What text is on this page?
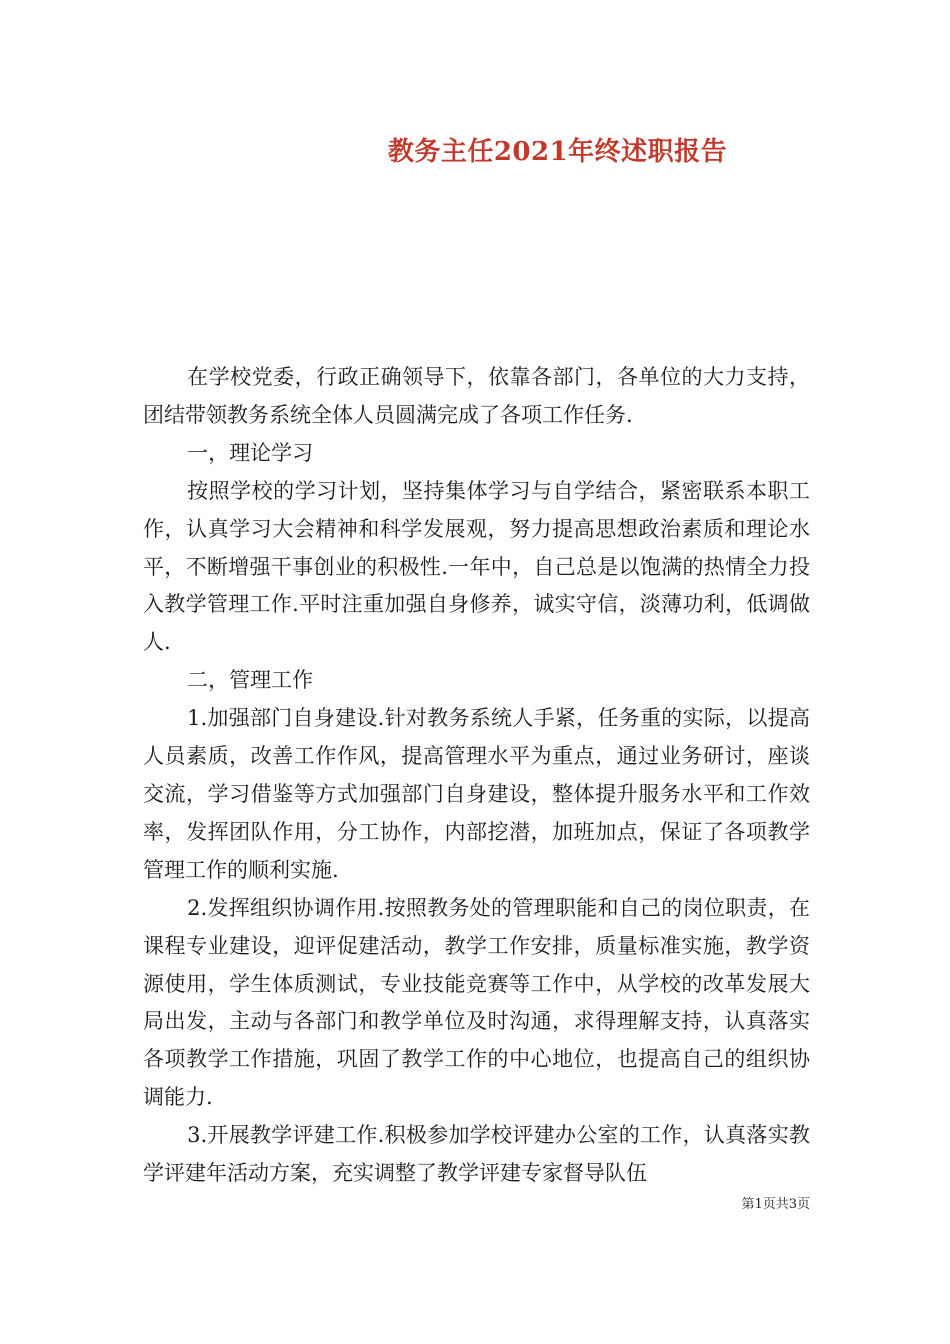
教务主任2021年终述职报告

在学校党委，行政正确领导下，依靠各部门，各单位的大力支持，团结带领教务系统全体人员圆满完成了各项工作任务.

一，理论学习

按照学校的学习计划，坚持集体学习与自学结合，紧密联系本职工作，认真学习大会精神和科学发展观，努力提高思想政治素质和理论水平，不断增强干事创业的积极性.一年中，自己总是以饱满的热情全力投入教学管理工作.平时注重加强自身修养，诚实守信，淡薄功利，低调做人.

二，管理工作

1.加强部门自身建设.针对教务系统人手紧，任务重的实际，以提高人员素质，改善工作作风，提高管理水平为重点，通过业务研讨，座谈交流，学习借鉴等方式加强部门自身建设，整体提升服务水平和工作效率，发挥团队作用，分工协作，内部挖潜，加班加点，保证了各项教学管理工作的顺利实施.

2.发挥组织协调作用.按照教务处的管理职能和自己的岗位职责，在课程专业建设，迎评促建活动，教学工作安排，质量标准实施，教学资源使用，学生体质测试，专业技能竞赛等工作中，从学校的改革发展大局出发，主动与各部门和教学单位及时沟通，求得理解支持，认真落实各项教学工作措施，巩固了教学工作的中心地位，也提高自己的组织协调能力.

3.开展教学评建工作.积极参加学校评建办公室的工作，认真落实教学评建年活动方案，充实调整了教学评建专家督导队伍

第1页共3页
